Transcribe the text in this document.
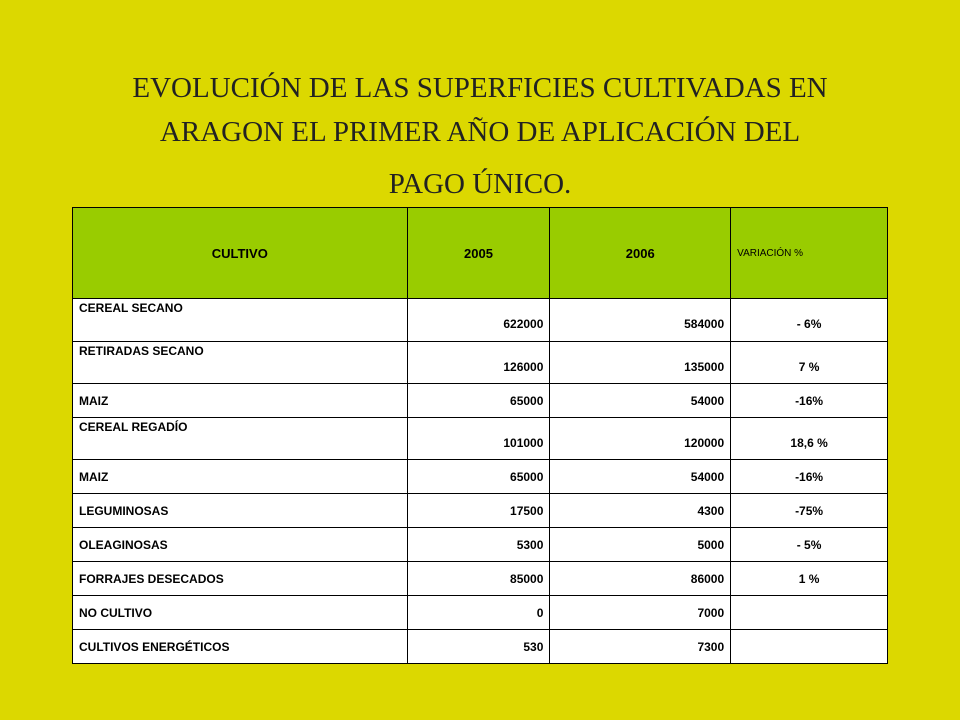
EVOLUCIÓN DE LAS SUPERFICIES CULTIVADAS EN
ARAGON EL PRIMER AÑO DE APLICACIÓN DEL
PAGO ÚNICO.
CULTIVO	2005	2006	VARIACIÓN %
CEREAL SECANO	622000	584000	- 6%
RETIRADAS SECANO	126000	135000	7 %
MAIZ	65000	54000	-16%
CEREAL REGADÍO	101000	120000	18,6 %
MAIZ	65000	54000	-16%
LEGUMINOSAS	17500	4300	-75%
OLEAGINOSAS	5300	5000	- 5%
FORRAJES DESECADOS	85000	86000	1 %
NO CULTIVO	0	7000	
CULTIVOS ENERGÉTICOS	530	7300	
